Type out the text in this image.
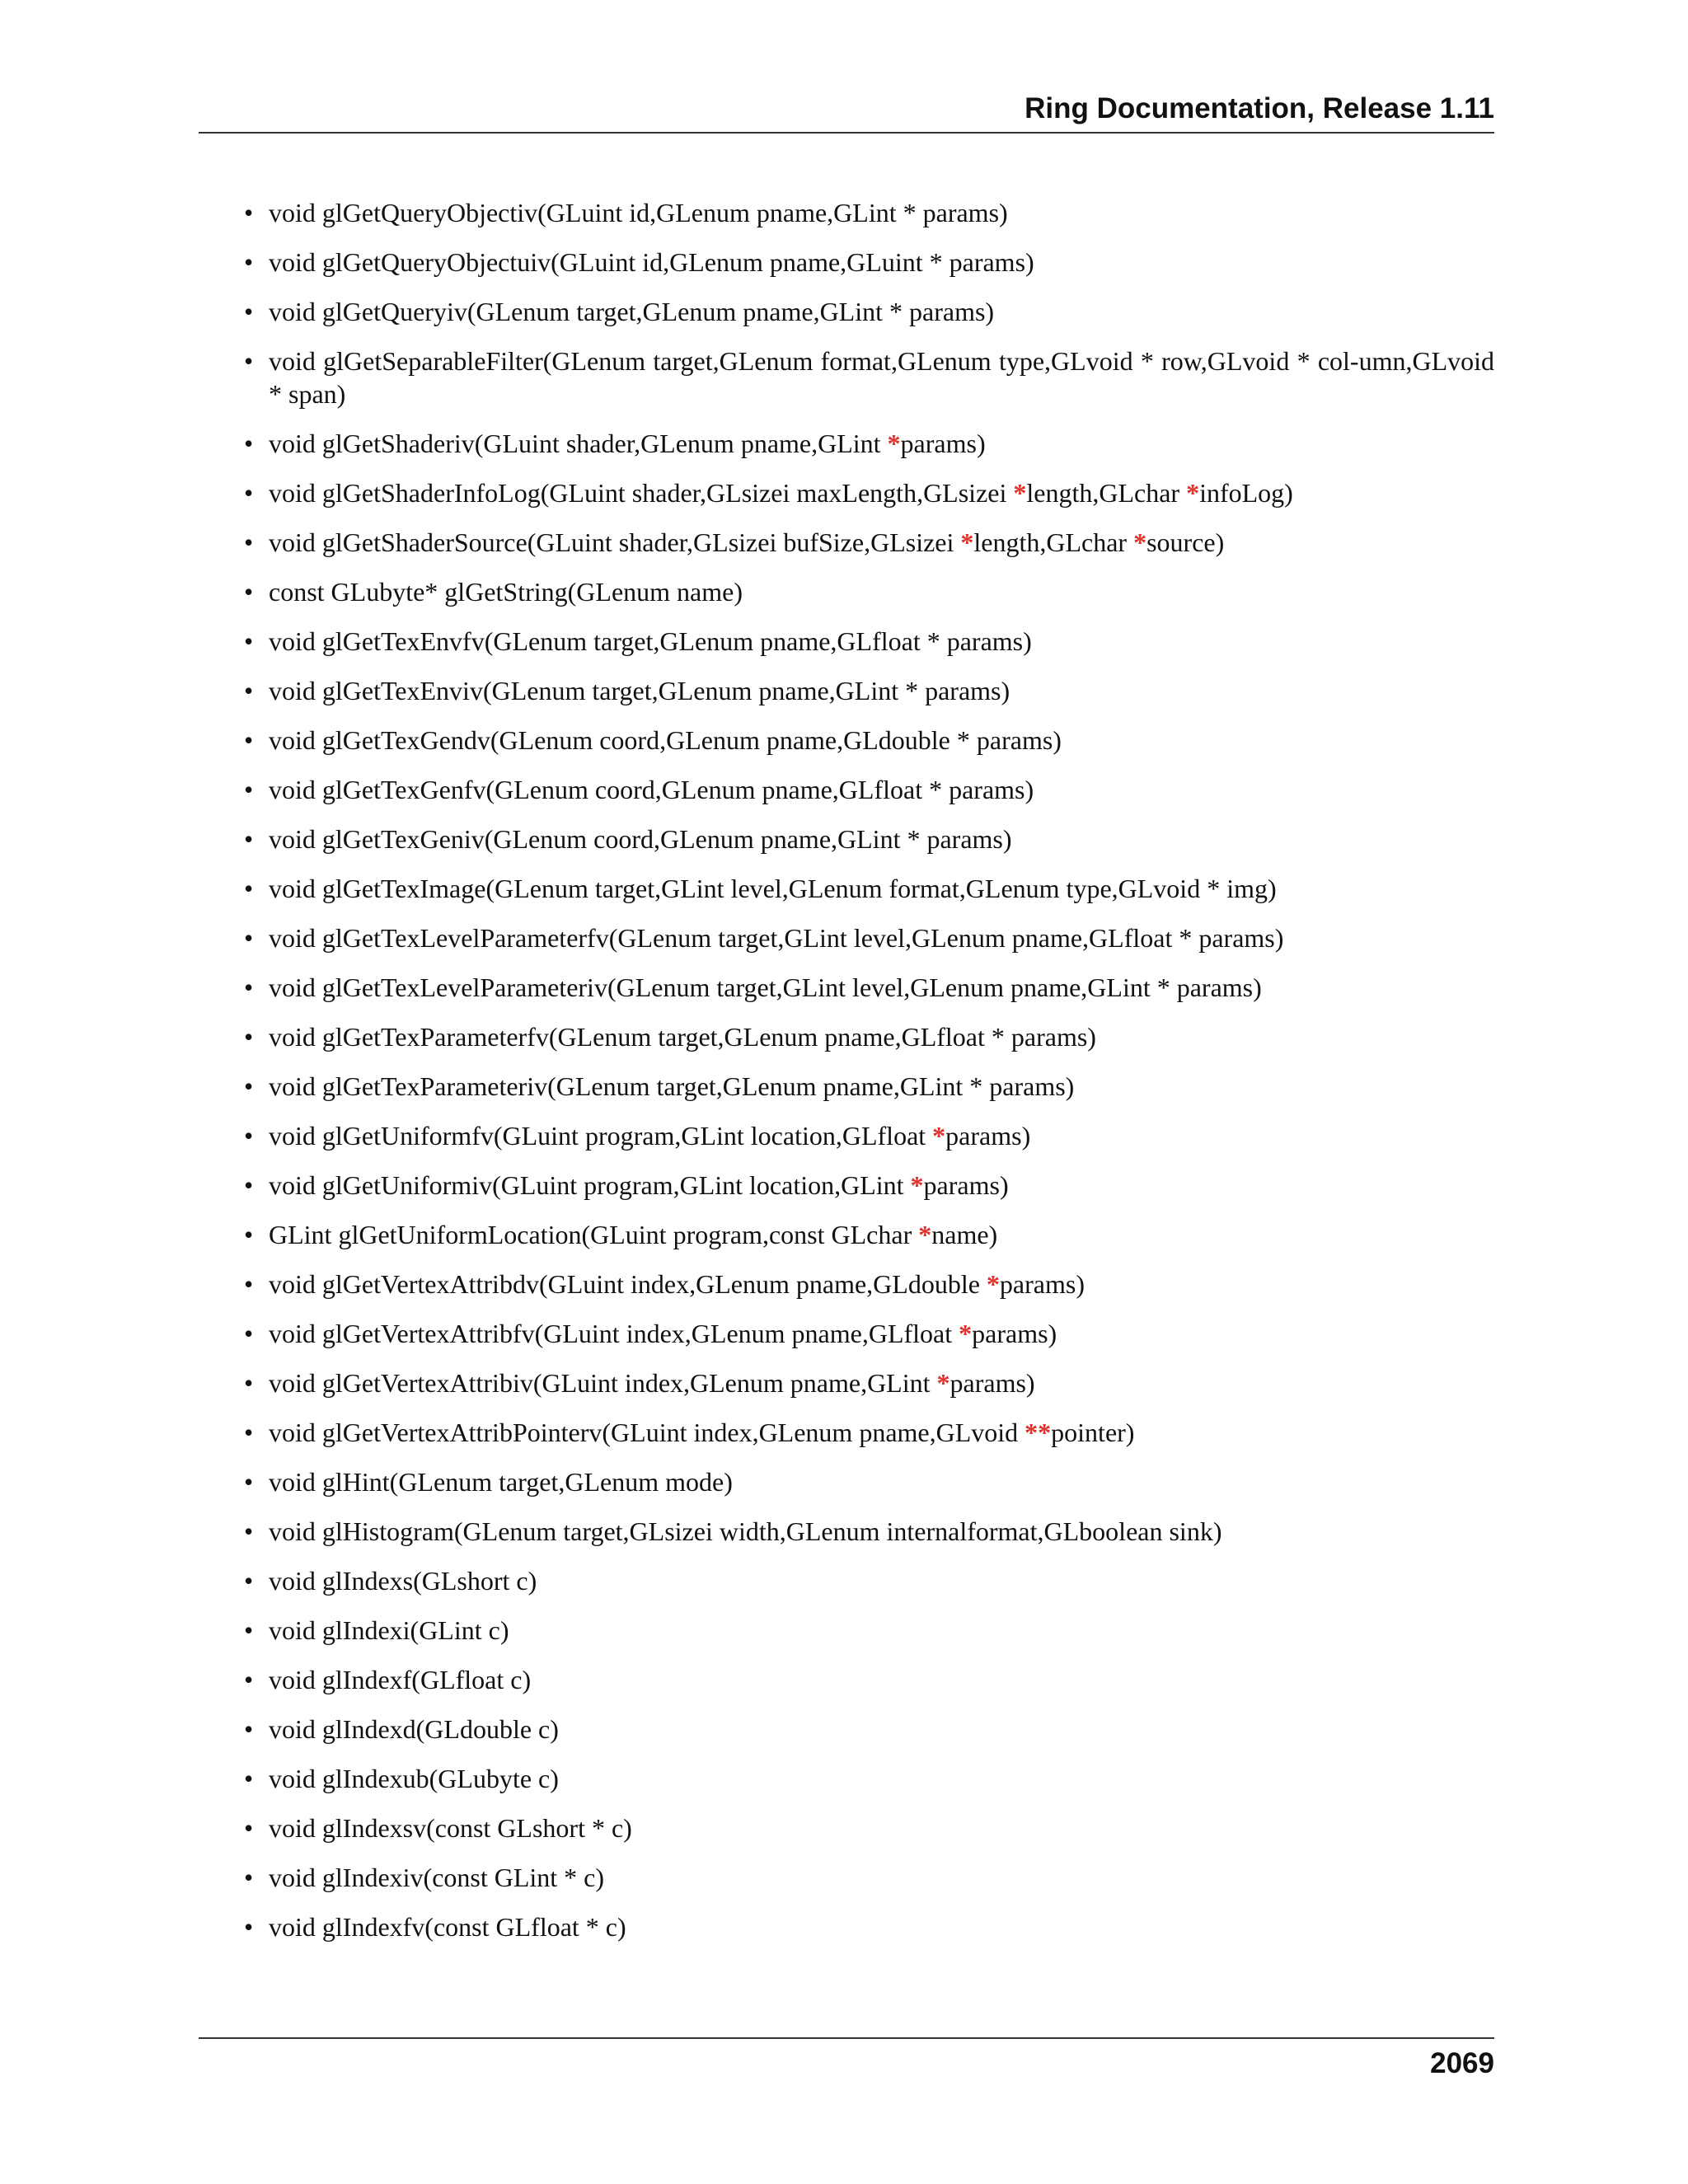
Ring Documentation, Release 1.11
• void glGetQueryObjectiv(GLuint id,GLenum pname,GLint * params)
• void glGetQueryObjectuiv(GLuint id,GLenum pname,GLuint * params)
• void glGetQueryiv(GLenum target,GLenum pname,GLint * params)
• void glGetSeparableFilter(GLenum target,GLenum format,GLenum type,GLvoid * row,GLvoid * col-umn,GLvoid * span)
• void glGetShaderiv(GLuint shader,GLenum pname,GLint *params)
• void glGetShaderInfoLog(GLuint shader,GLsizei maxLength,GLsizei *length,GLchar *infoLog)
• void glGetShaderSource(GLuint shader,GLsizei bufSize,GLsizei *length,GLchar *source)
• const GLubyte* glGetString(GLenum name)
• void glGetTexEnvfv(GLenum target,GLenum pname,GLfloat * params)
• void glGetTexEnviv(GLenum target,GLenum pname,GLint * params)
• void glGetTexGendv(GLenum coord,GLenum pname,GLdouble * params)
• void glGetTexGenfv(GLenum coord,GLenum pname,GLfloat * params)
• void glGetTexGeniv(GLenum coord,GLenum pname,GLint * params)
• void glGetTexImage(GLenum target,GLint level,GLenum format,GLenum type,GLvoid * img)
• void glGetTexLevelParameterfv(GLenum target,GLint level,GLenum pname,GLfloat * params)
• void glGetTexLevelParameteriv(GLenum target,GLint level,GLenum pname,GLint * params)
• void glGetTexParameterfv(GLenum target,GLenum pname,GLfloat * params)
• void glGetTexParameteriv(GLenum target,GLenum pname,GLint * params)
• void glGetUniformfv(GLuint program,GLint location,GLfloat *params)
• void glGetUniformiv(GLuint program,GLint location,GLint *params)
• GLint glGetUniformLocation(GLuint program,const GLchar *name)
• void glGetVertexAttribdv(GLuint index,GLenum pname,GLdouble *params)
• void glGetVertexAttribfv(GLuint index,GLenum pname,GLfloat *params)
• void glGetVertexAttribiv(GLuint index,GLenum pname,GLint *params)
• void glGetVertexAttribPointerv(GLuint index,GLenum pname,GLvoid **pointer)
• void glHint(GLenum target,GLenum mode)
• void glHistogram(GLenum target,GLsizei width,GLenum internalformat,GLboolean sink)
• void glIndexs(GLshort c)
• void glIndexi(GLint c)
• void glIndexf(GLfloat c)
• void glIndexd(GLdouble c)
• void glIndexub(GLubyte c)
• void glIndexsv(const GLshort * c)
• void glIndexiv(const GLint * c)
• void glIndexfv(const GLfloat * c)
2069
